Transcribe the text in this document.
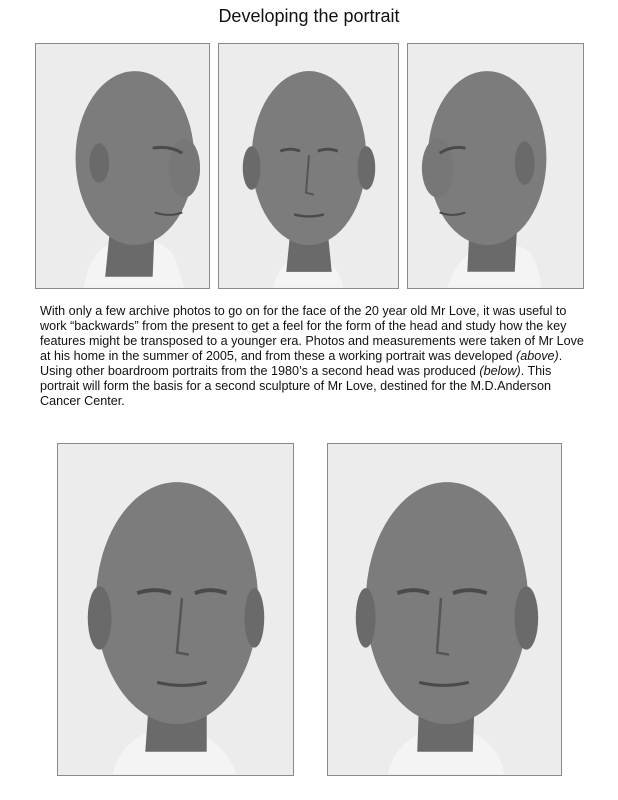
Developing the portrait

With only a few archive photos to go on for the face of the 20 year old Mr Love, it was useful to work “backwards” from the present to get a feel for the form of the head and study how the key features might be transposed to a younger era. Photos and measurements were taken of Mr Love at his home in the summer of 2005, and from these a working portrait was developed (above). Using other boardroom portraits from the 1980’s a second head was produced (below). This portrait will form the basis for a second sculpture of Mr Love, destined for the M.D.Anderson Cancer Center.
